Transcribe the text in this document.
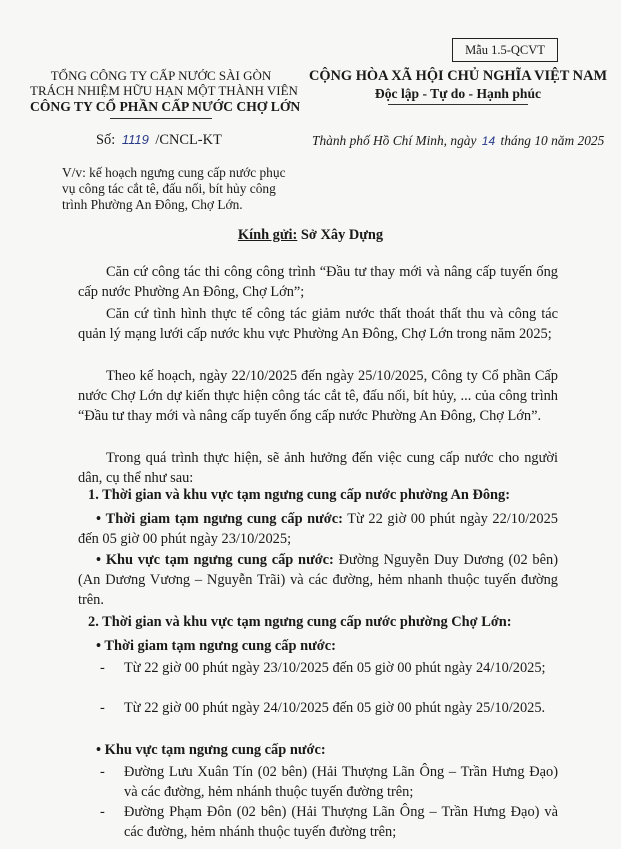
Mẫu 1.5-QCVT
TỔNG CÔNG TY CẤP NƯỚC SÀI GÒN
TRÁCH NHIỆM HỮU HẠN MỘT THÀNH VIÊN
CÔNG TY CỔ PHẦN CẤP NƯỚC CHỢ LỚN
CỘNG HÒA XÃ HỘI CHỦ NGHĨA VIỆT NAM
Độc lập - Tự do - Hạnh phúc
Số: 1119 /CNCL-KT	Thành phố Hồ Chí Minh, ngày 14 tháng 10 năm 2025
V/v: kế hoạch ngưng cung cấp nước phục
vụ công tác cắt tê, đấu nối, bít hủy công
trình Phường An Đông, Chợ Lớn.
Kính gửi: Sở Xây Dựng
Căn cứ công tác thi công công trình “Đầu tư thay mới và nâng cấp tuyến ống cấp nước Phường An Đông, Chợ Lớn”;
Căn cứ tình hình thực tế công tác giảm nước thất thoát thất thu và công tác quản lý mạng lưới cấp nước khu vực Phường An Đông, Chợ Lớn trong năm 2025;
Theo kế hoạch, ngày 22/10/2025 đến ngày 25/10/2025, Công ty Cổ phần Cấp nước Chợ Lớn dự kiến thực hiện công tác cắt tê, đấu nối, bít hủy, ... của công trình “Đầu tư thay mới và nâng cấp tuyến ống cấp nước Phường An Đông, Chợ Lớn”.
Trong quá trình thực hiện, sẽ ảnh hưởng đến việc cung cấp nước cho người dân, cụ thể như sau:
1. Thời gian và khu vực tạm ngưng cung cấp nước phường An Đông:
• Thời giam tạm ngưng cung cấp nước: Từ 22 giờ 00 phút ngày 22/10/2025 đến 05 giờ 00 phút ngày 23/10/2025;
• Khu vực tạm ngưng cung cấp nước: Đường Nguyễn Duy Dương (02 bên) (An Dương Vương – Nguyễn Trãi) và các đường, hẻm nhanh thuộc tuyến đường trên.
2. Thời gian và khu vực tạm ngưng cung cấp nước phường Chợ Lớn:
• Thời giam tạm ngưng cung cấp nước:
- Từ 22 giờ 00 phút ngày 23/10/2025 đến 05 giờ 00 phút ngày 24/10/2025;
- Từ 22 giờ 00 phút ngày 24/10/2025 đến 05 giờ 00 phút ngày 25/10/2025.
• Khu vực tạm ngưng cung cấp nước:
- Đường Lưu Xuân Tín (02 bên) (Hải Thượng Lãn Ông – Trần Hưng Đạo) và các đường, hẻm nhánh thuộc tuyến đường trên;
- Đường Phạm Đôn (02 bên) (Hải Thượng Lãn Ông – Trần Hưng Đạo) và các đường, hẻm nhánh thuộc tuyến đường trên;
